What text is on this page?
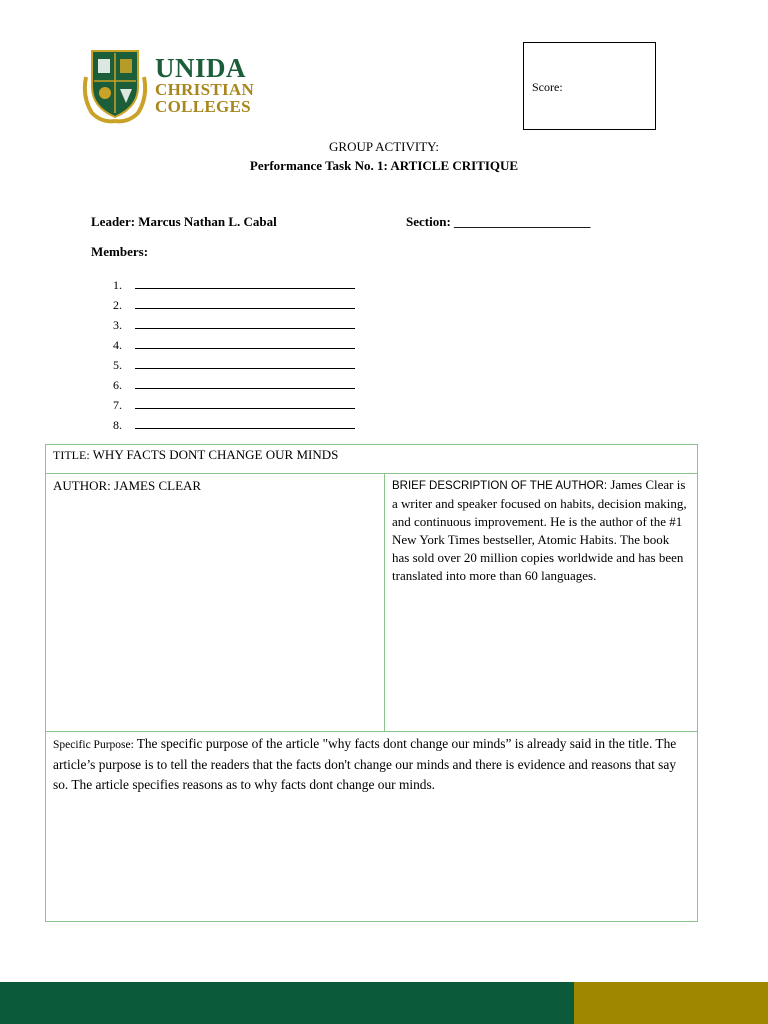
UNIDA
CHRISTIAN
COLLEGES
Score:
GROUP ACTIVITY:
Performance Task No. 1: ARTICLE CRITIQUE
Leader: Marcus Nathan L. Cabal	Section: _____________________
Members:
1.
2.
3.
4.
5.
6.
7.
8.
TITLE: WHY FACTS DONT CHANGE OUR MINDS
AUTHOR: JAMES CLEAR	BRIEF DESCRIPTION OF THE AUTHOR: James Clear is a writer and speaker focused on habits, decision making, and continuous improvement. He is the author of the #1 New York Times bestseller, Atomic Habits. The book has sold over 20 million copies worldwide and has been translated into more than 60 languages.
Specific Purpose: The specific purpose of the article "why facts dont change our minds” is already said in the title. The article’s purpose is to tell the readers that the facts don't change our minds and there is evidence and reasons that say so. The article specifies reasons as to why facts dont change our minds.
